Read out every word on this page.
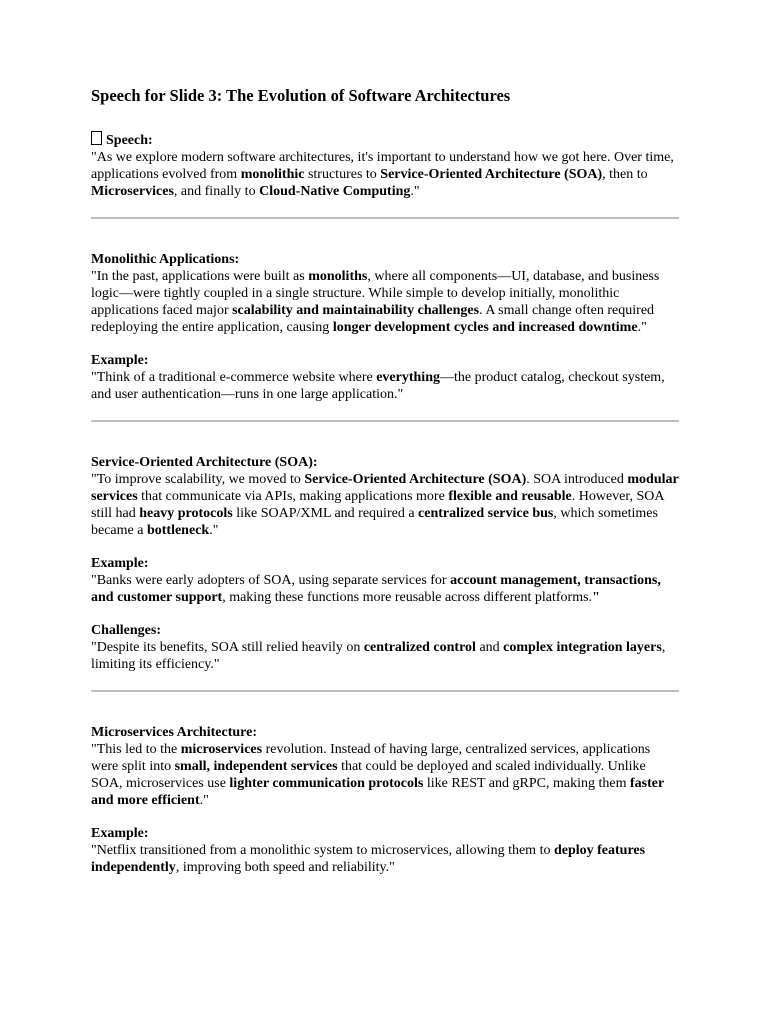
Speech for Slide 3: The Evolution of Software Architectures

Speech:

"As we explore modern software architectures, it's important to understand how we got here. Over time, applications evolved from monolithic structures to Service-Oriented Architecture (SOA), then to Microservices, and finally to Cloud-Native Computing."

Monolithic Applications:

"In the past, applications were built as monoliths, where all components—UI, database, and business logic—were tightly coupled in a single structure. While simple to develop initially, monolithic applications faced major scalability and maintainability challenges. A small change often required redeploying the entire application, causing longer development cycles and increased downtime."

Example:

"Think of a traditional e-commerce website where everything—the product catalog, checkout system, and user authentication—runs in one large application."

Service-Oriented Architecture (SOA):

"To improve scalability, we moved to Service-Oriented Architecture (SOA). SOA introduced modular services that communicate via APIs, making applications more flexible and reusable. However, SOA still had heavy protocols like SOAP/XML and required a centralized service bus, which sometimes became a bottleneck."

Example:

"Banks were early adopters of SOA, using separate services for account management, transactions, and customer support, making these functions more reusable across different platforms."

Challenges:

"Despite its benefits, SOA still relied heavily on centralized control and complex integration layers, limiting its efficiency."

Microservices Architecture:

"This led to the microservices revolution. Instead of having large, centralized services, applications were split into small, independent services that could be deployed and scaled individually. Unlike SOA, microservices use lighter communication protocols like REST and gRPC, making them faster and more efficient."

Example:

"Netflix transitioned from a monolithic system to microservices, allowing them to deploy features independently, improving both speed and reliability."
